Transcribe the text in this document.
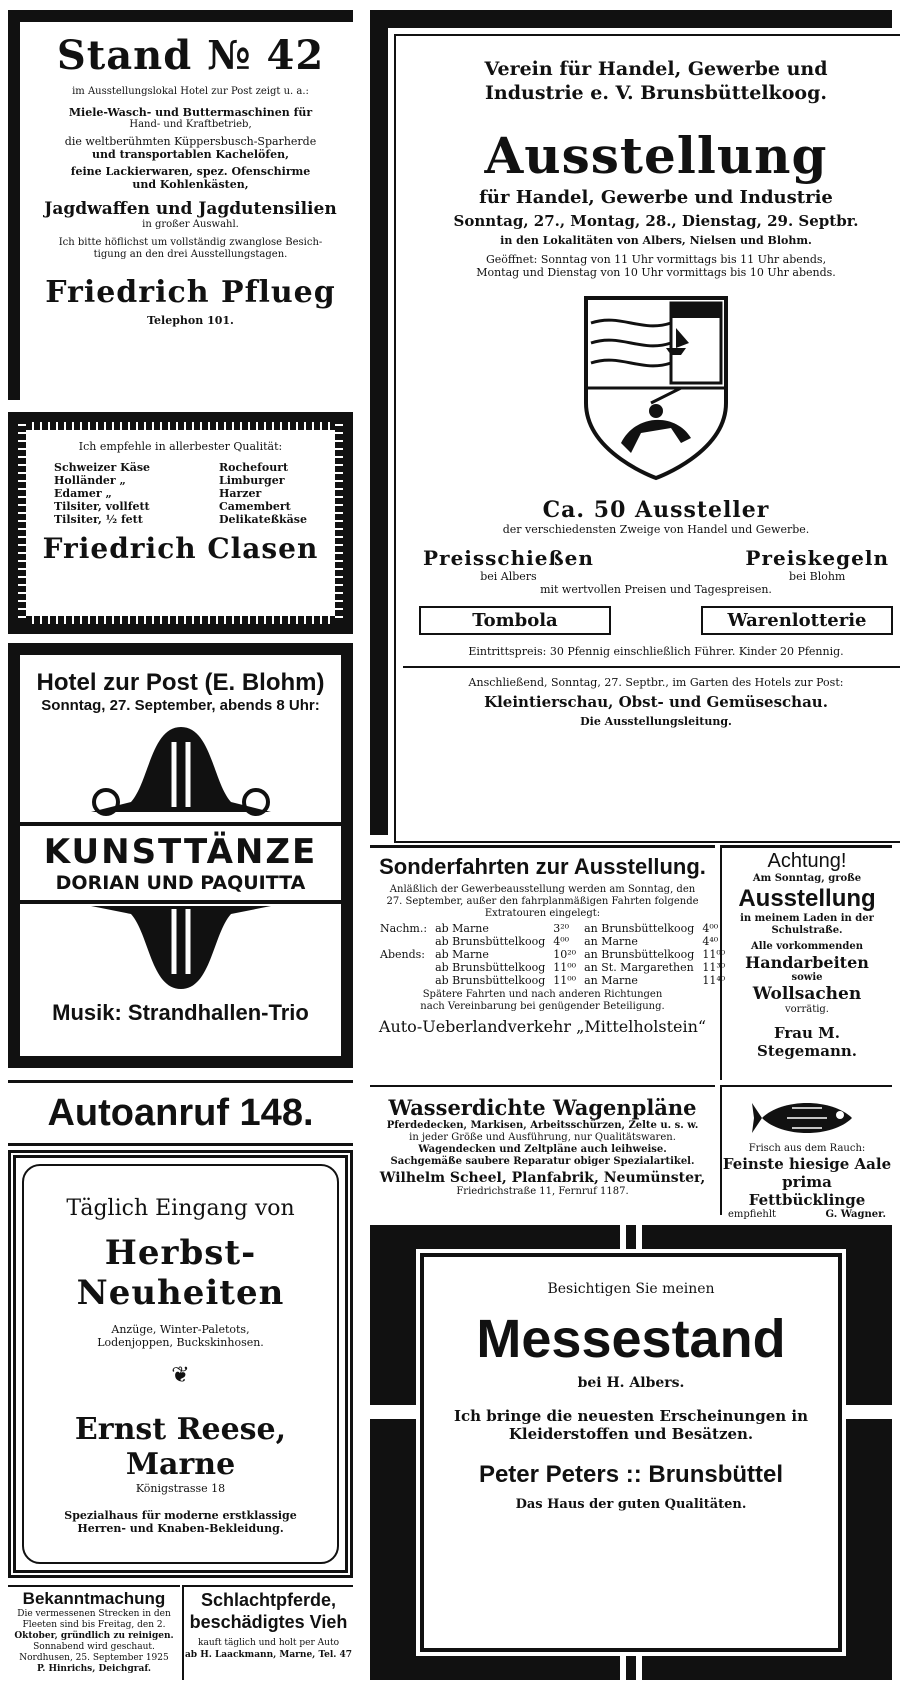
Stand № 42
im Ausstellungslokal Hotel zur Post zeigt u. a.:
Miele-Wasch- und Buttermaschinen für
Hand- und Kraftbetrieb,
die weltberühmten Küppersbusch-Sparherde
und transportablen Kachelöfen,
feine Lackierwaren, spez. Ofenschirme
und Kohlenkästen,
Jagdwaffen und Jagdutensilien
in großer Auswahl.
Ich bitte höflichst um vollständig zwanglose Besich-
tigung an den drei Ausstellungstagen.
Friedrich Pflueg
Telephon 101.
Ich empfehle in allerbester Qualität:
Schweizer Käse
Holländer „
Edamer „
Tilsiter, vollfett
Tilsiter, ½ fett
Rochefourt
Limburger
Harzer
Camembert
Delikateßkäse
Friedrich Clasen
Hotel zur Post (E. Blohm)
Sonntag, 27. September, abends 8 Uhr:
KUNSTTÄNZE
DORIAN UND PAQUITTA
Musik: Strandhallen-Trio
Autoanruf 148.
Täglich Eingang von
Herbst-Neuheiten
Anzüge, Winter-Paletots,
Lodenjoppen, Buckskinhosen.
❦
Ernst Reese, Marne
Königstrasse 18
Spezialhaus für moderne erstklassige
Herren- und Knaben-Bekleidung.
Bekanntmachung
Die vermessenen Strecken in den
Fleeten sind bis Freitag, den 2.
Oktober, gründlich zu reinigen.
Sonnabend wird geschaut.
Nordhusen, 25. September 1925
P. Hinrichs, Deichgraf.
Schlachtpferde,
beschädigtes Vieh
kauft täglich und holt per Auto
ab H. Laackmann, Marne, Tel. 47
Verein für Handel, Gewerbe und
Industrie e. V. Brunsbüttelkoog.
Ausstellung
für Handel, Gewerbe und Industrie
Sonntag, 27., Montag, 28., Dienstag, 29. Septbr.
in den Lokalitäten von Albers, Nielsen und Blohm.
Geöffnet: Sonntag von 11 Uhr vormittags bis 11 Uhr abends,
Montag und Dienstag von 10 Uhr vormittags bis 10 Uhr abends.
Ca. 50 Aussteller
der verschiedensten Zweige von Handel und Gewerbe.
Preisschießen
bei Albers
Preiskegeln
bei Blohm
mit wertvollen Preisen und Tagespreisen.
Tombola	Warenlotterie
Eintrittspreis: 30 Pfennig einschließlich Führer. Kinder 20 Pfennig.
Anschließend, Sonntag, 27. Septbr., im Garten des Hotels zur Post:
Kleintierschau, Obst- und Gemüseschau.
Die Ausstellungsleitung.
Sonderfahrten zur Ausstellung.
Anläßlich der Gewerbeausstellung werden am Sonntag, den
27. September, außer den fahrplanmäßigen Fahrten folgende
Extratouren eingelegt:
Nachm.:	ab Marne	3²⁰	an Brunsbüttelkoog	4⁰⁰
	ab Brunsbüttelkoog	4⁰⁰	an Marne	4⁴⁰
Abends:	ab Marne	10²⁰	an Brunsbüttelkoog	11⁰⁰
	ab Brunsbüttelkoog	11⁰⁰	an St. Margarethen	11³⁰
	ab Brunsbüttelkoog	11⁰⁰	an Marne	11⁴⁰
Spätere Fahrten und nach anderen Richtungen
nach Vereinbarung bei genügender Beteiligung.
Auto-Ueberlandverkehr „Mittelholstein“
Achtung!
Am Sonntag, große
Ausstellung
in meinem Laden in der
Schulstraße.
Alle vorkommenden
Handarbeiten
sowie
Wollsachen
vorrätig.
Frau M. Stegemann.
Wasserdichte Wagenpläne
Pferdedecken, Markisen, Arbeitsschürzen, Zelte u. s. w.
in jeder Größe und Ausführung, nur Qualitätswaren.
Wagendecken und Zeltpläne auch leihweise.
Sachgemäße saubere Reparatur obiger Spezialartikel.
Wilhelm Scheel, Planfabrik, Neumünster,
Friedrichstraße 11, Fernruf 1187.
Frisch aus dem Rauch:
Feinste hiesige Aale
prima Fettbücklinge
empfiehlt	G. Wagner.
Besichtigen Sie meinen
Messestand
bei H. Albers.
Ich bringe die neuesten Erscheinungen in
Kleiderstoffen und Besätzen.
Peter Peters :: Brunsbüttel
Das Haus der guten Qualitäten.
